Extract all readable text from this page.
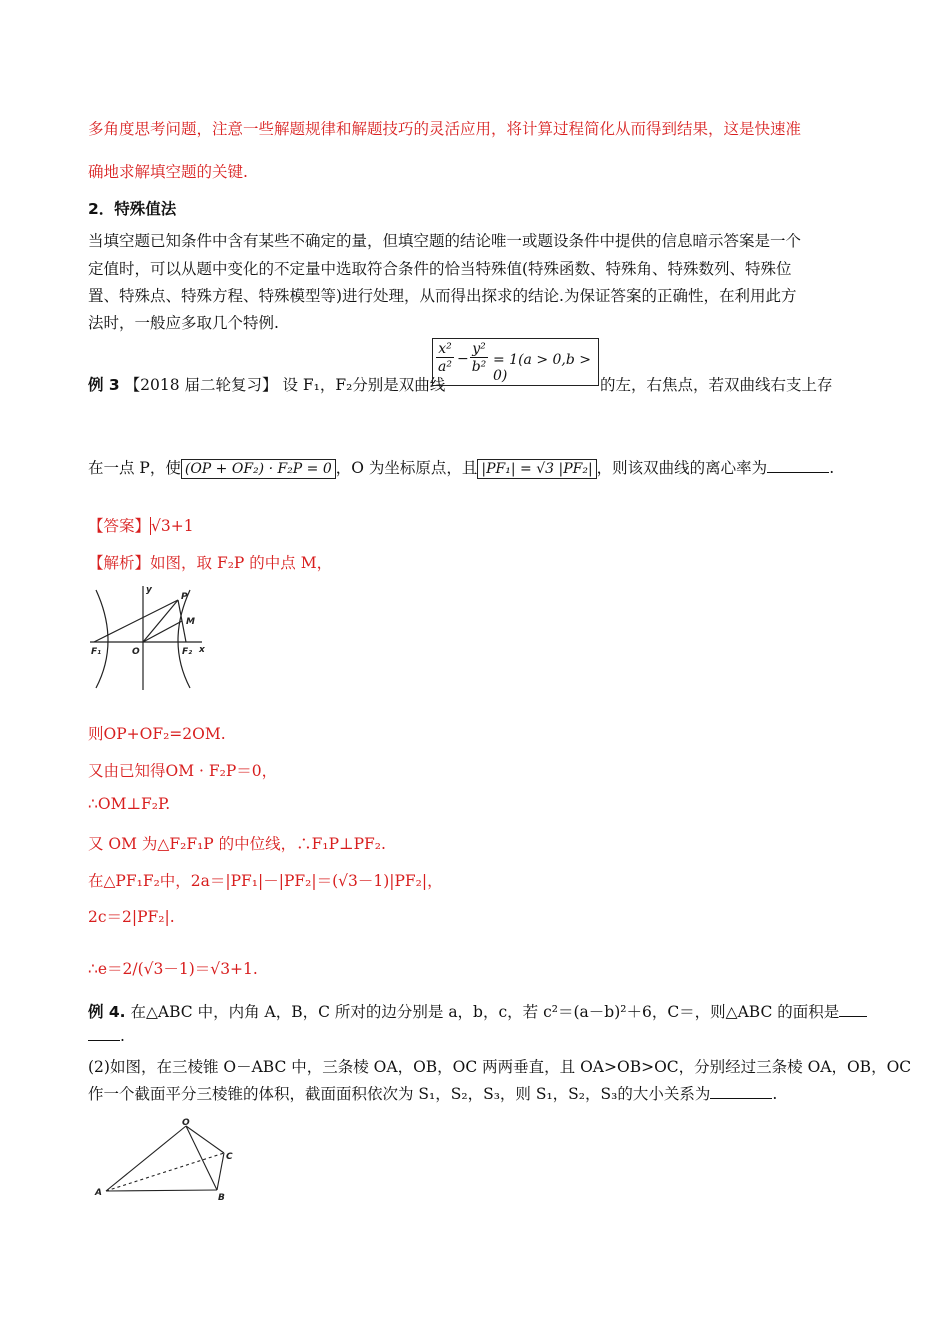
多角度思考问题，注意一些解题规律和解题技巧的灵活应用，将计算过程简化从而得到结果，这是快速准
确地求解填空题的关键.
2．特殊值法
当填空题已知条件中含有某些不确定的量，但填空题的结论唯一或题设条件中提供的信息暗示答案是一个
定值时，可以从题中变化的不定量中选取符合条件的恰当特殊值(特殊函数、特殊角、特殊数列、特殊位
置、特殊点、特殊方程、特殊模型等)进行处理，从而得出探求的结论.为保证答案的正确性，在利用此方
法时，一般应多取几个特例.
例 3 【2018 届二轮复习】 设 F₁，F₂分别是双曲线
x²
a² −
y²
b² = 1(a > 0,b > 0)	的左，右焦点，若双曲线右支上存
在一点 P，使 (OP + OF₂) · F₂P = 0 ，O 为坐标原点，且 |PF₁| = √3 |PF₂| ，则该双曲线的离心率为	.
【答案】√3+1
【解析】如图，取 F₂P 的中点 M，
y
P
M
F₁	O	F₂ x
则OP+OF₂=2OM.
又由已知得OM · F₂P＝0，
∴OM⊥F₂P.
又 OM 为△F₂F₁P 的中位线，∴F₁P⊥PF₂.
在△PF₁F₂中，2a＝|PF₁|－|PF₂|＝(√3－1)|PF₂|，
2c＝2|PF₂|.
∴e＝2/(√3－1)＝√3+1.
例 4. 在△ABC 中，内角 A，B，C 所对的边分别是 a，b，c，若 c²＝(a－b)²＋6，C＝，则△ABC 的面积是
.
(2)如图，在三棱锥 O－ABC 中，三条棱 OA，OB，OC 两两垂直，且 OA>OB>OC，分别经过三条棱 OA，OB，OC
作一个截面平分三棱锥的体积，截面面积依次为 S₁，S₂，S₃，则 S₁，S₂，S₃的大小关系为	.
O
C
A	B
